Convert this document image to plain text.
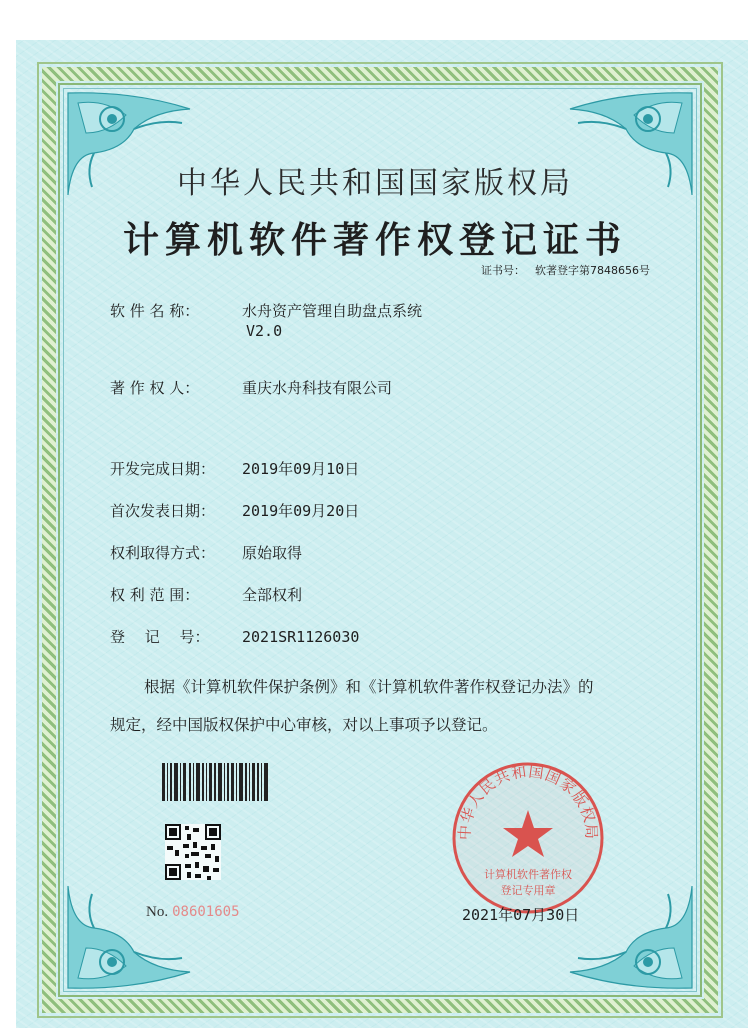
中华人民共和国国家版权局
计算机软件著作权登记证书
证书号： 软著登字第7848656号
软 件 名 称：	水舟资产管理自助盘点系统
V2.0
著 作 权 人：	重庆水舟科技有限公司
开发完成日期： 2019年09月10日
首次发表日期： 2019年09月20日
权利取得方式： 原始取得
权 利 范 围：	全部权利
登　 记　 号： 2021SR1126030
根据《计算机软件保护条例》和《计算机软件著作权登记办法》的
规定，经中国版权保护中心审核，对以上事项予以登记。
No. 08601605
中华人民共和国国家版权局
计算机软件著作权
登记专用章
2021年07月30日
